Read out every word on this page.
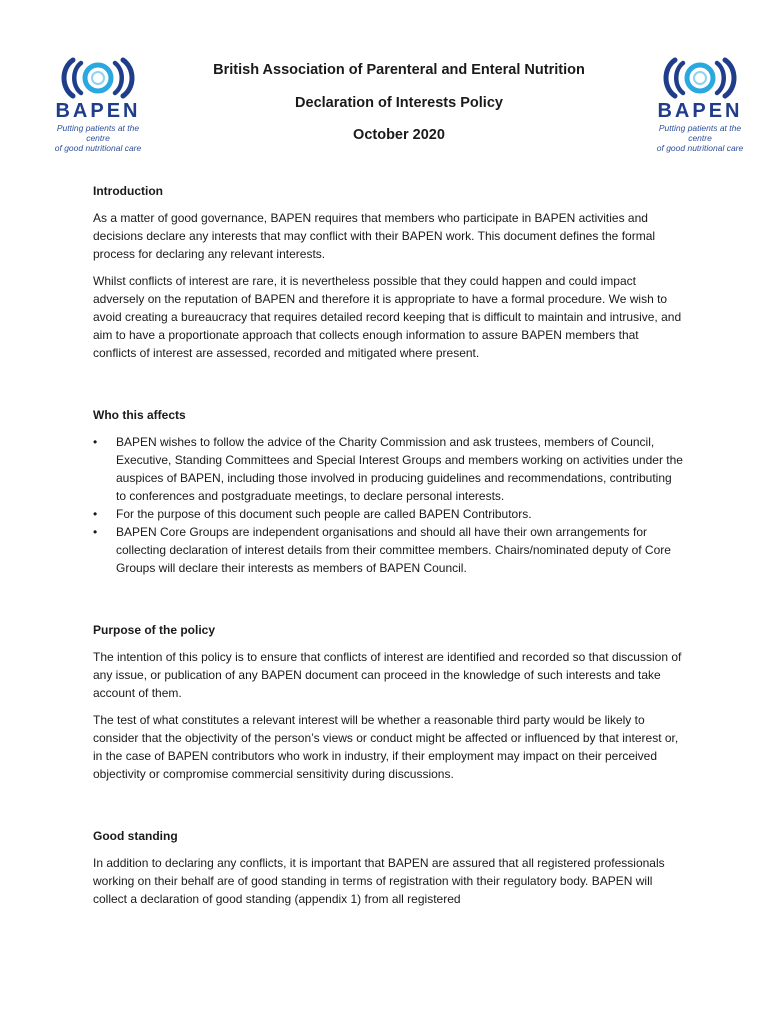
BAPEN
Putting patients at the centre
of good nutritional care
BAPEN
Putting patients at the centre
of good nutritional care
British Association of Parenteral and Enteral Nutrition
Declaration of Interests Policy
October 2020
Introduction

As a matter of good governance, BAPEN requires that members who participate in BAPEN activities and decisions declare any interests that may conflict with their BAPEN work. This document defines the formal process for declaring any relevant interests.

Whilst conflicts of interest are rare, it is nevertheless possible that they could happen and could impact adversely on the reputation of BAPEN and therefore it is appropriate to have a formal procedure. We wish to avoid creating a bureaucracy that requires detailed record keeping that is difficult to maintain and intrusive, and aim to have a proportionate approach that collects enough information to assure BAPEN members that conflicts of interest are assessed, recorded and mitigated where present.

Who this affects
• BAPEN wishes to follow the advice of the Charity Commission and ask trustees, members of Council, Executive, Standing Committees and Special Interest Groups and members working on activities under the auspices of BAPEN, including those involved in producing guidelines and recommendations, contributing to conferences and postgraduate meetings, to declare personal interests.
• For the purpose of this document such people are called BAPEN Contributors.
• BAPEN Core Groups are independent organisations and should all have their own arrangements for collecting declaration of interest details from their committee members. Chairs/nominated deputy of Core Groups will declare their interests as members of BAPEN Council.
Purpose of the policy

The intention of this policy is to ensure that conflicts of interest are identified and recorded so that discussion of any issue, or publication of any BAPEN document can proceed in the knowledge of such interests and take account of them.

The test of what constitutes a relevant interest will be whether a reasonable third party would be likely to consider that the objectivity of the person’s views or conduct might be affected or influenced by that interest or, in the case of BAPEN contributors who work in industry, if their employment may impact on their perceived objectivity or compromise commercial sensitivity during discussions.

Good standing

In addition to declaring any conflicts, it is important that BAPEN are assured that all registered professionals working on their behalf are of good standing in terms of registration with their regulatory body. BAPEN will collect a declaration of good standing (appendix 1) from all registered
